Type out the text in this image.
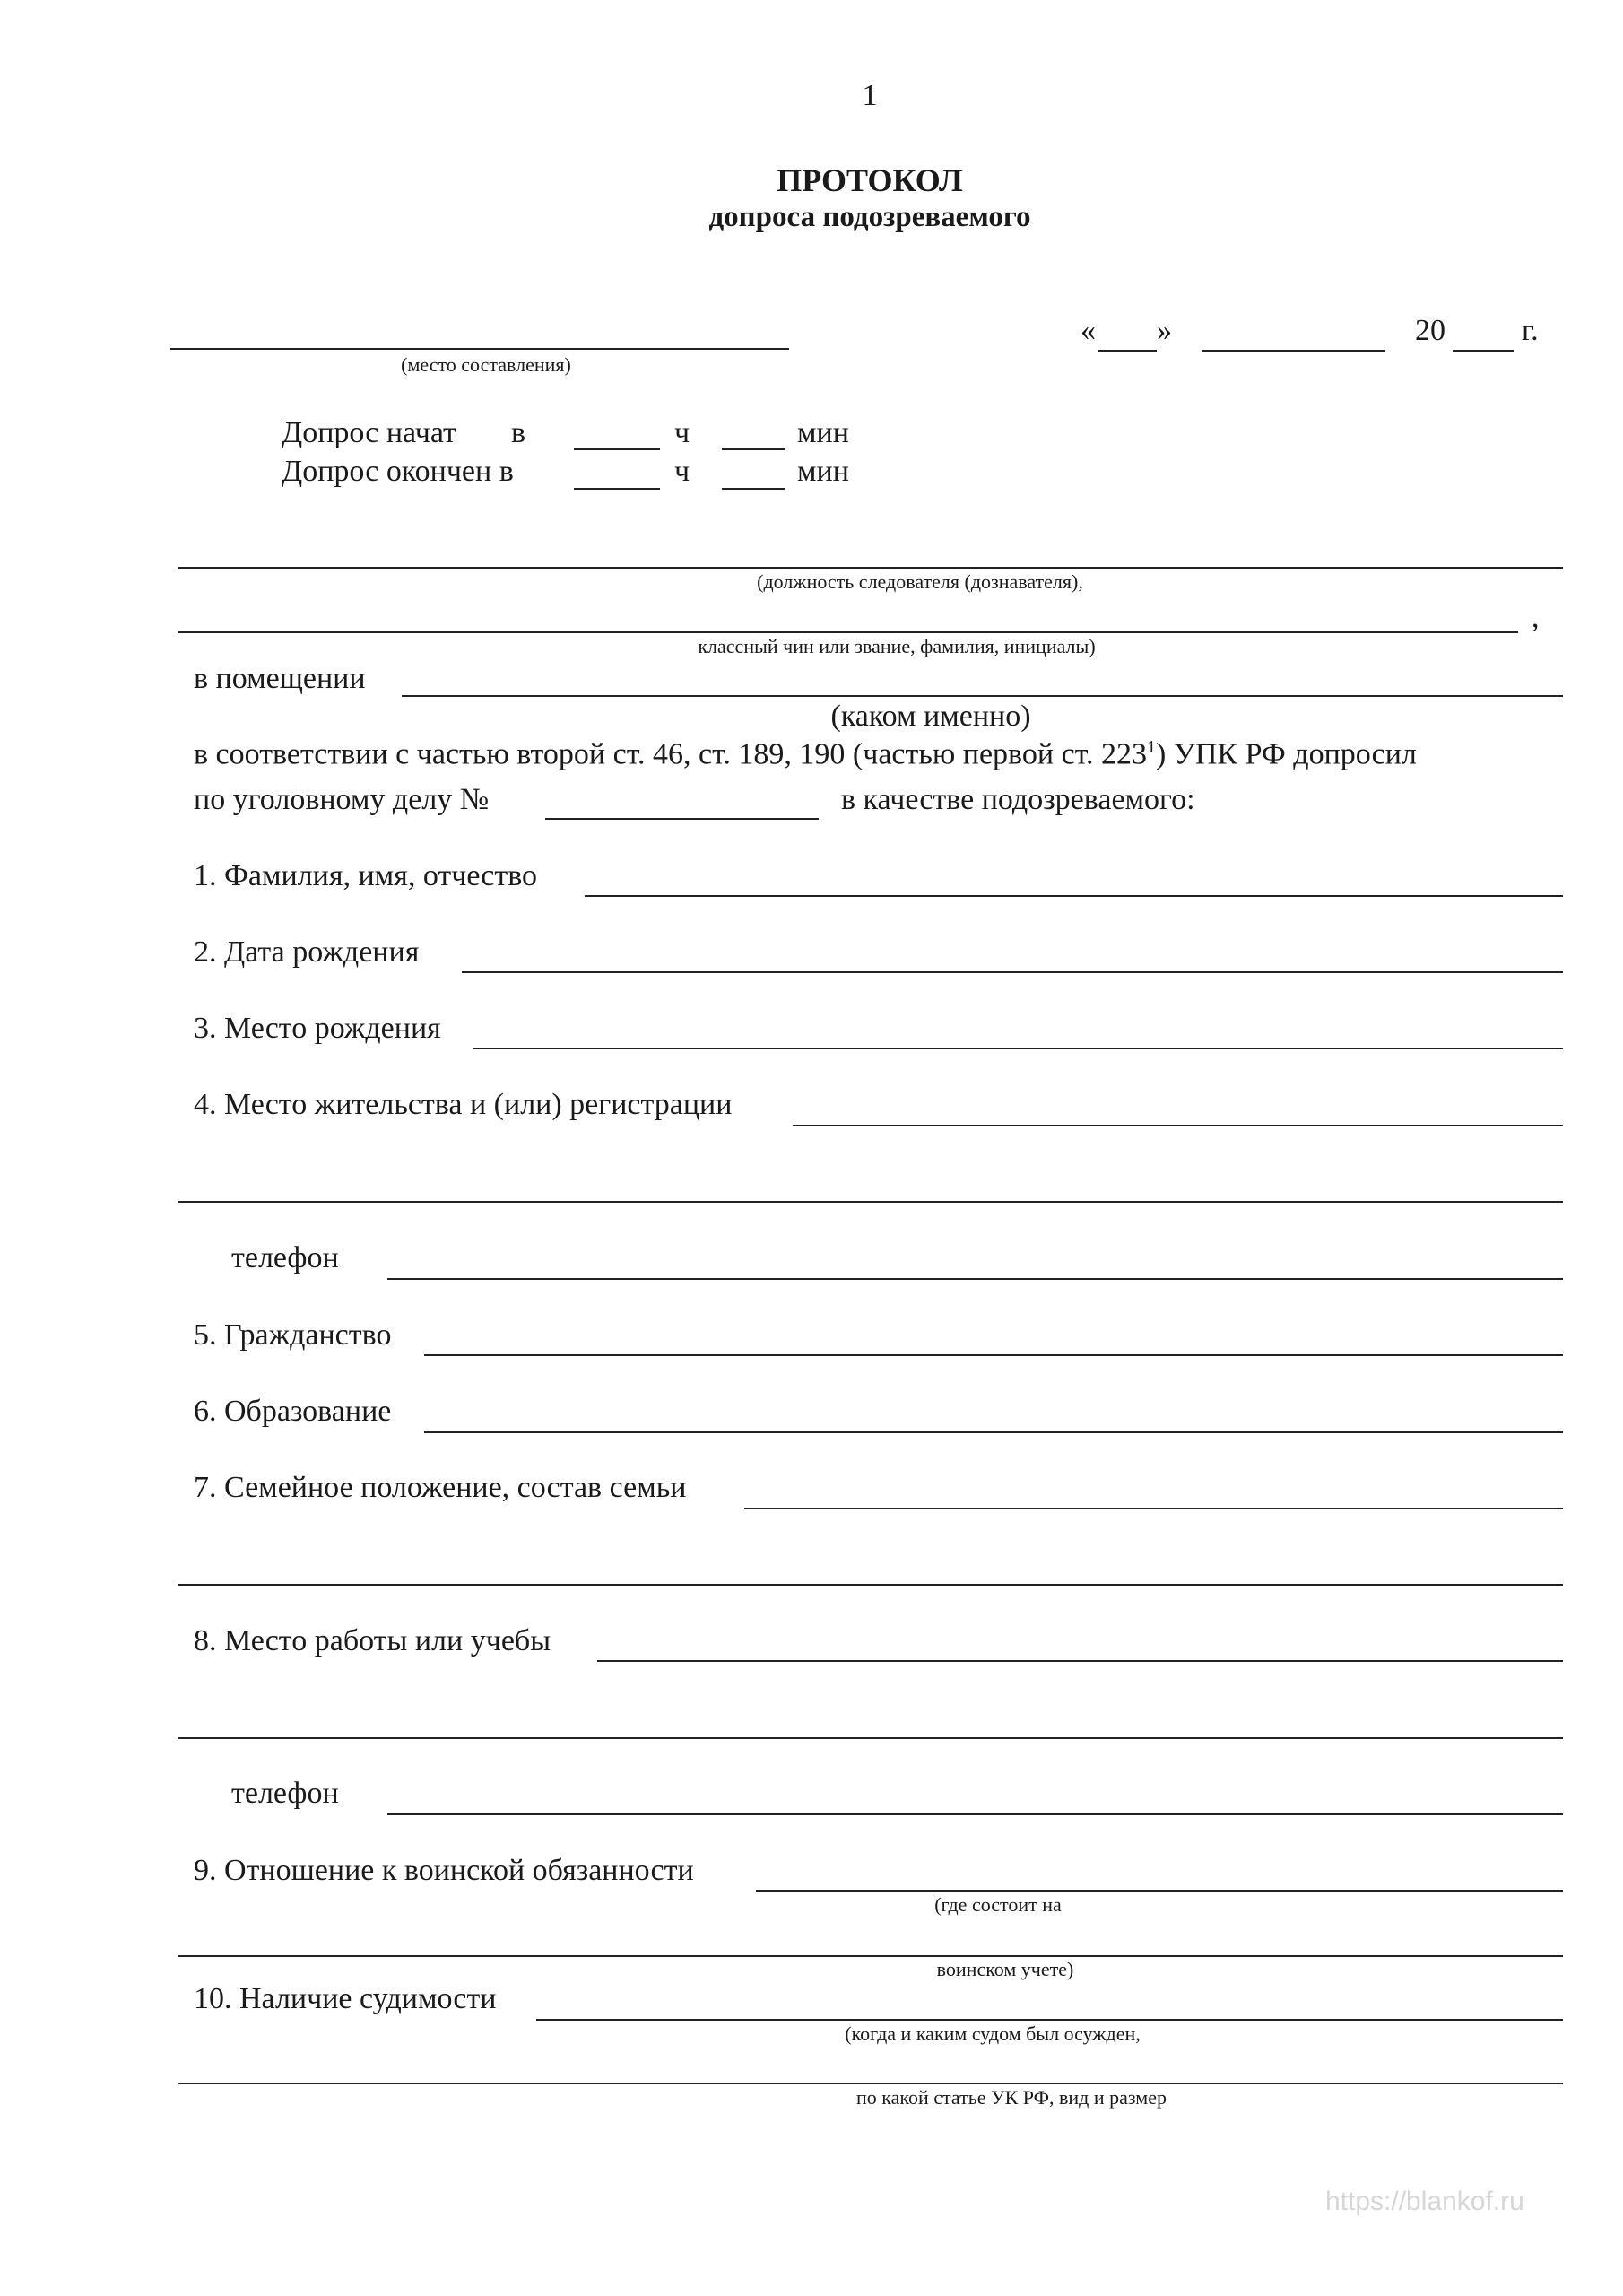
1
ПРОТОКОЛ
допроса подозреваемого
(место составления)
« »	20	г.
Допрос начат в	ч	мин
Допрос окончен в	ч	мин
(должность следователя (дознавателя),
,
классный чин или звание, фамилия, инициалы)
в помещении
(каком именно)
в соответствии с частью второй ст. 46, ст. 189, 190 (частью первой ст. $223^1$) УПК РФ допросил
по уголовному делу №	в качестве подозреваемого:
1. Фамилия, имя, отчество
2. Дата рождения
3. Место рождения
4. Место жительства и (или) регистрации
телефон
5. Гражданство
6. Образование
7. Семейное положение, состав семьи
8. Место работы или учебы
телефон
9. Отношение к воинской обязанности
(где состоит на
воинском учете)
10. Наличие судимости
(когда и каким судом был осужден,
по какой статье УК РФ, вид и размер
https://blankof.ru
